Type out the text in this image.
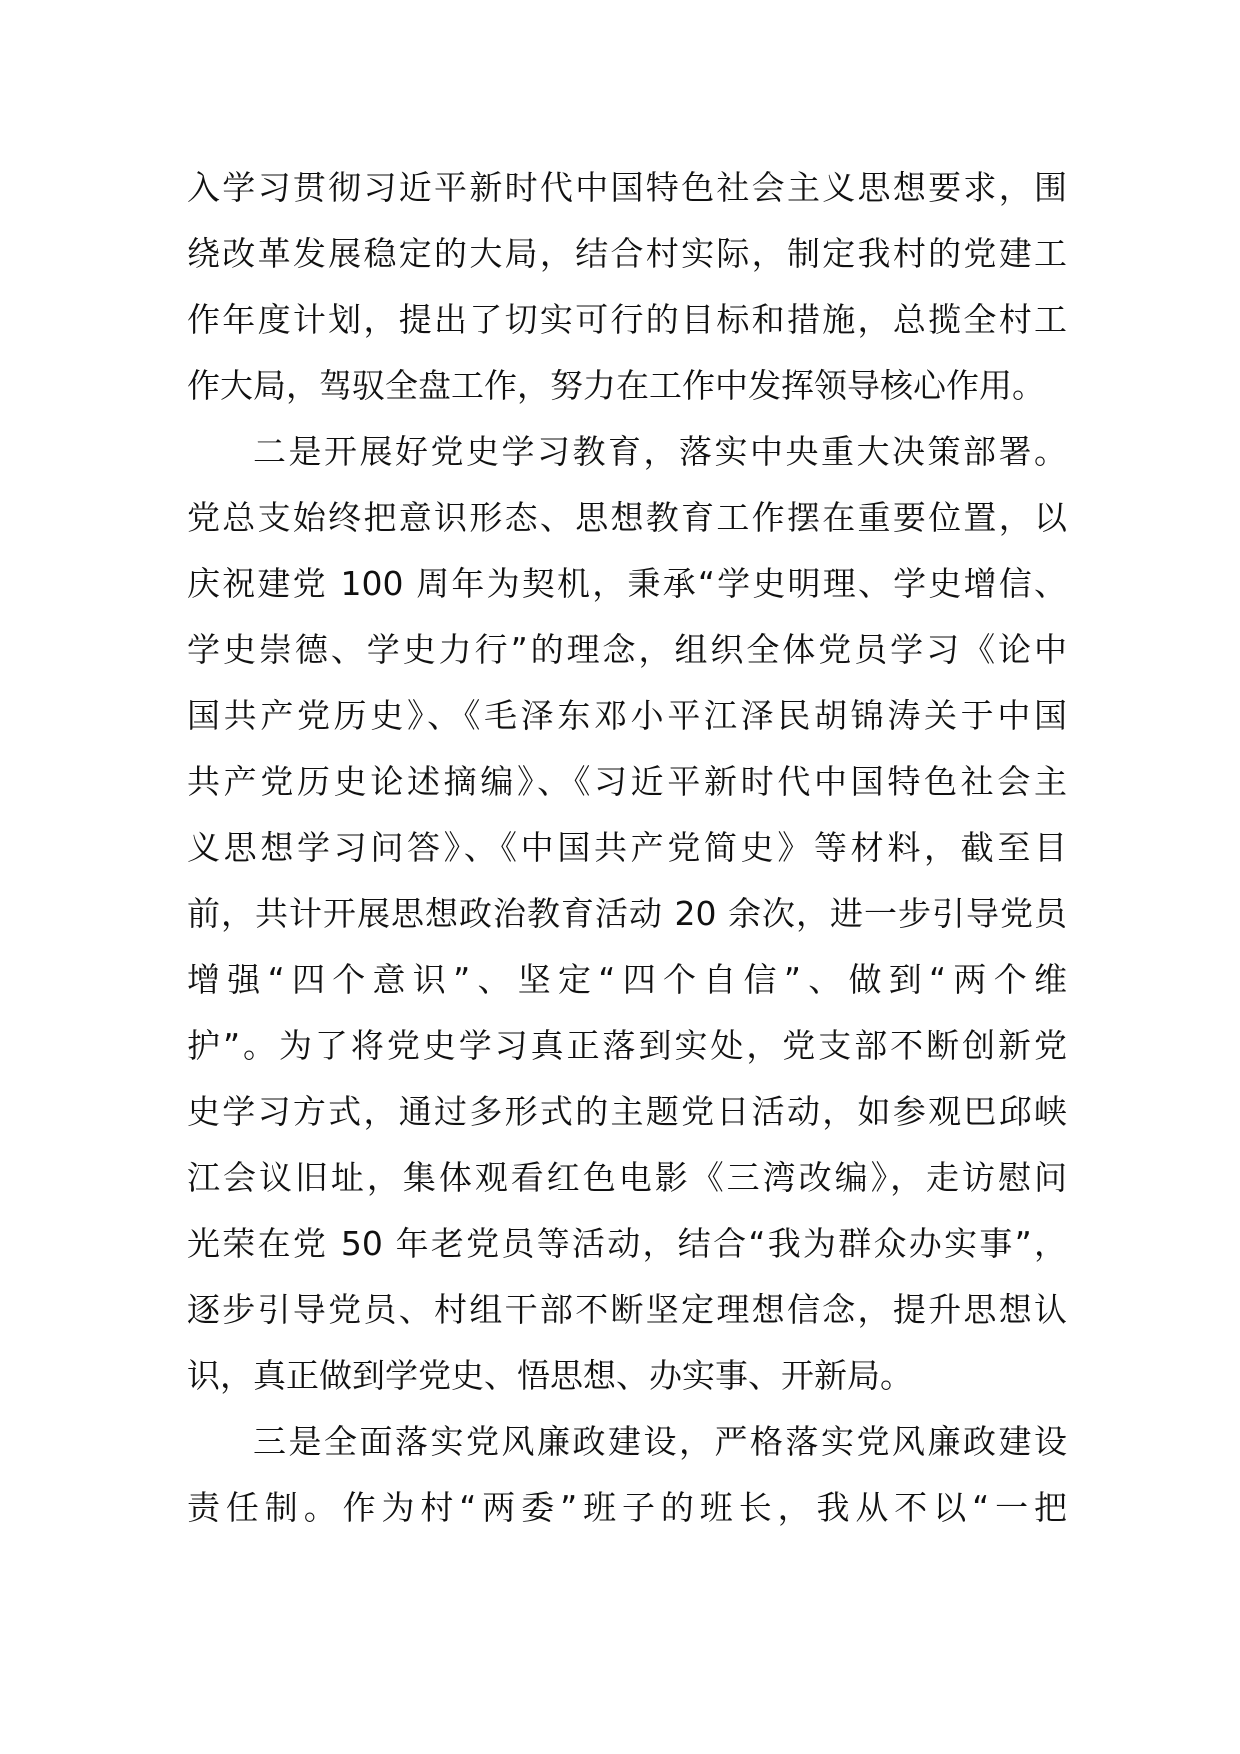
入学习贯彻习近平新时代中国特色社会主义思想要求，围
绕改革发展稳定的大局，结合村实际，制定我村的党建工
作年度计划，提出了切实可行的目标和措施，总揽全村工
作大局，驾驭全盘工作，努力在工作中发挥领导核心作用。
二是开展好党史学习教育，落实中央重大决策部署。
党总支始终把意识形态、思想教育工作摆在重要位置，以
庆祝建党 100 周年为契机，秉承“学史明理、学史增信、
学史崇德、学史力行”的理念，组织全体党员学习《论中
国共产党历史》、《毛泽东邓小平江泽民胡锦涛关于中国
共产党历史论述摘编》、《习近平新时代中国特色社会主
义思想学习问答》、《中国共产党简史》等材料，截至目
前，共计开展思想政治教育活动 20 余次，进一步引导党员
增强“四个意识”、坚定“四个自信”、做到“两个维
护”。为了将党史学习真正落到实处，党支部不断创新党
史学习方式，通过多形式的主题党日活动，如参观巴邱峡
江会议旧址，集体观看红色电影《三湾改编》，走访慰问
光荣在党 50 年老党员等活动，结合“我为群众办实事”，
逐步引导党员、村组干部不断坚定理想信念，提升思想认
识，真正做到学党史、悟思想、办实事、开新局。
三是全面落实党风廉政建设，严格落实党风廉政建设
责任制。作为村“两委”班子的班长，我从不以“一把
